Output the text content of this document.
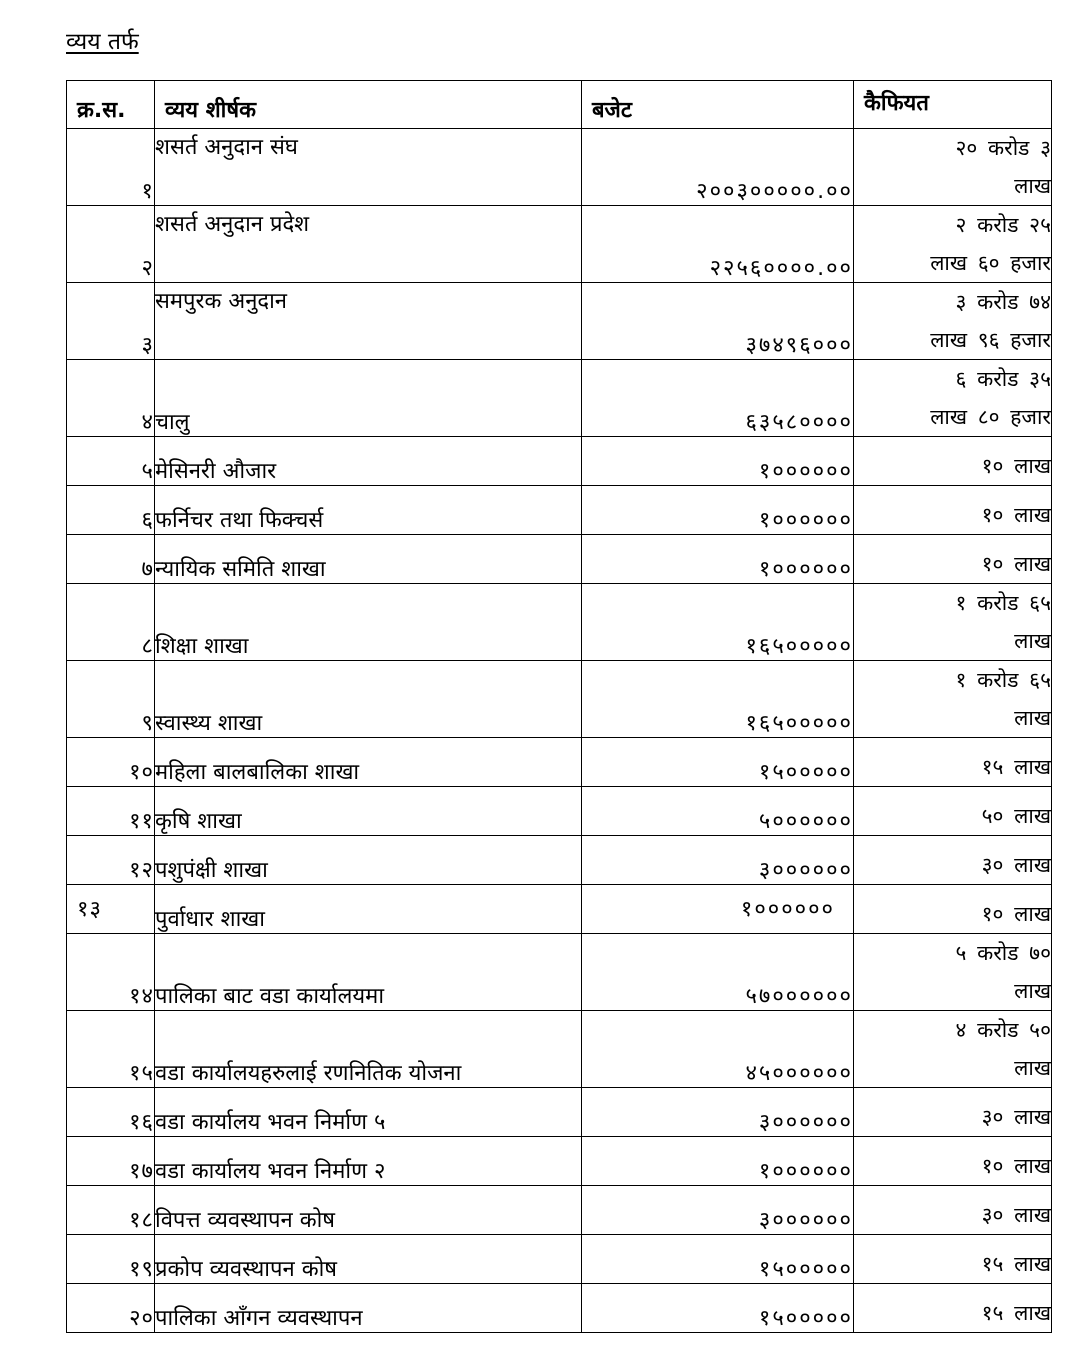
व्यय तर्फ
क्र.स.	व्यय शीर्षक	बजेट	कैफियत
१	शसर्त अनुदान संघ	२००३०००००.००	२० करोड ३
लाख

२	शसर्त अनुदान प्रदेश	२२५६००००.००	२ करोड २५
लाख ६० हजार

३	समपुरक अनुदान	३७४९६०००	३ करोड ७४
लाख ९६ हजार

४	चालु	६३५८००००	६ करोड ३५
लाख ८० हजार

५	मेसिनरी औजार	१००००००	१० लाख

६	फर्निचर तथा फिक्चर्स	१००००००	१० लाख

७	न्यायिक समिति शाखा	१००००००	१० लाख

८	शिक्षा शाखा	१६५०००००	१ करोड ६५
लाख

९	स्वास्थ्य शाखा	१६५०००००	१ करोड ६५
लाख

१०	महिला बालबालिका शाखा	१५०००००	१५ लाख

११	कृषि शाखा	५००००००	५० लाख

१२	पशुपंक्षी शाखा	३००००००	३० लाख

१३	पुर्वाधार शाखा	१००००००	१० लाख

१४	पालिका बाट वडा कार्यालयमा	५७००००००	५ करोड ७०
लाख

१५	वडा कार्यालयहरुलाई रणनितिक योजना	४५००००००	४ करोड ५०
लाख

१६	वडा कार्यालय भवन निर्माण ५	३००००००	३० लाख

१७	वडा कार्यालय भवन निर्माण २	१००००००	१० लाख

१८	विपत्त व्यवस्थापन कोष	३००००००	३० लाख

१९	प्रकोप व्यवस्थापन कोष	१५०००००	१५ लाख

२०	पालिका आँगन व्यवस्थापन	१५०००००	१५ लाख
